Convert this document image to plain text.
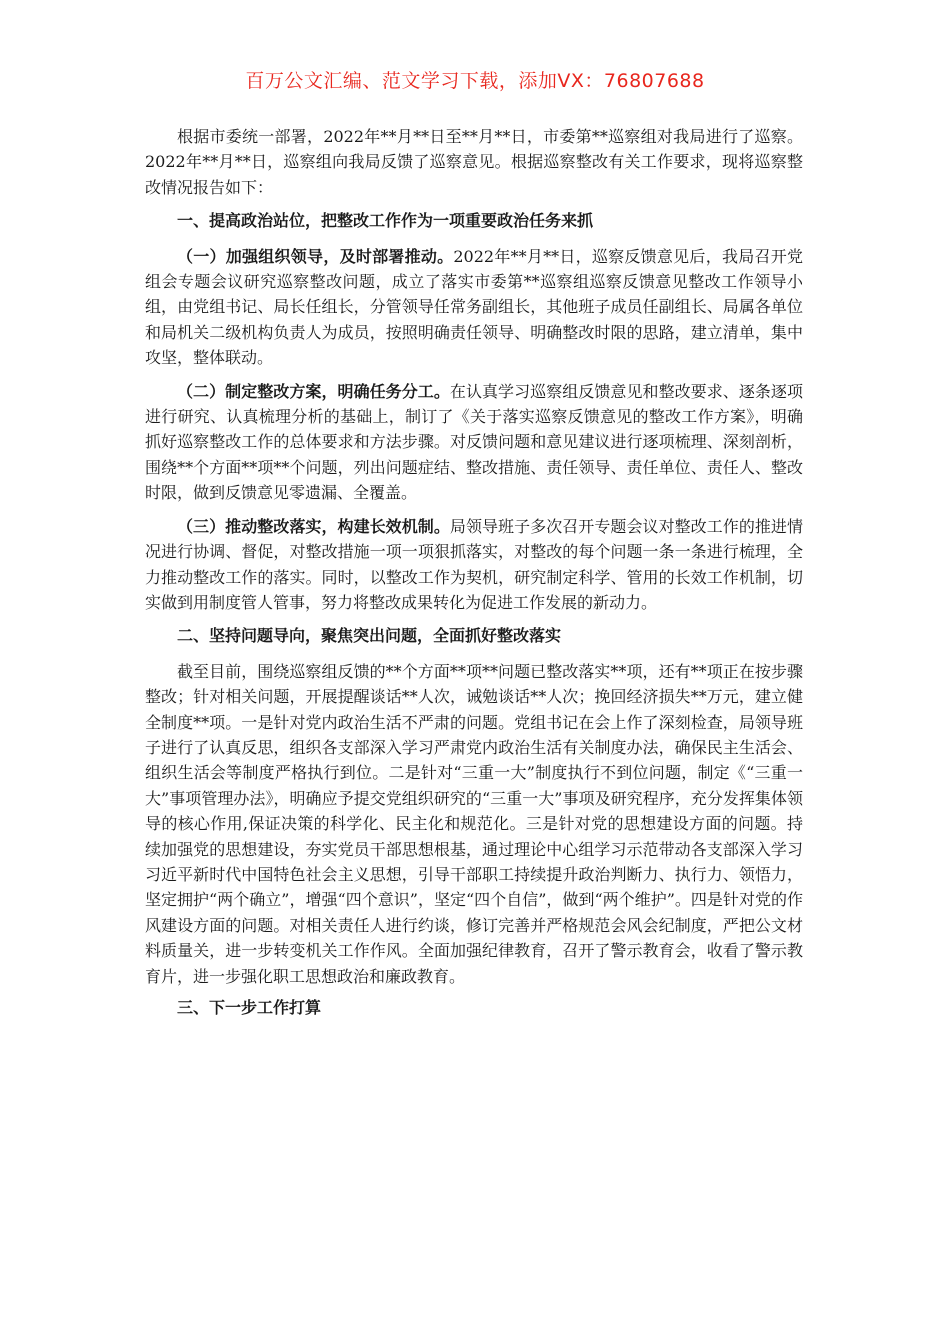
百万公文汇编、范文学习下载，添加VX：76807688

根据市委统一部署，2022年**月**日至**月**日，市委第**巡察组对我局进行了巡察。2022年**月**日，巡察组向我局反馈了巡察意见。根据巡察整改有关工作要求，现将巡察整改情况报告如下：

一、提高政治站位，把整改工作作为一项重要政治任务来抓

（一）加强组织领导，及时部署推动。2022年**月**日，巡察反馈意见后，我局召开党组会专题会议研究巡察整改问题，成立了落实市委第**巡察组巡察反馈意见整改工作领导小组，由党组书记、局长任组长，分管领导任常务副组长，其他班子成员任副组长、局属各单位和局机关二级机构负责人为成员，按照明确责任领导、明确整改时限的思路，建立清单，集中攻坚，整体联动。

（二）制定整改方案，明确任务分工。在认真学习巡察组反馈意见和整改要求、逐条逐项进行研究、认真梳理分析的基础上，制订了《关于落实巡察反馈意见的整改工作方案》，明确抓好巡察整改工作的总体要求和方法步骤。对反馈问题和意见建议进行逐项梳理、深刻剖析，围绕**个方面**项**个问题，列出问题症结、整改措施、责任领导、责任单位、责任人、整改时限，做到反馈意见零遗漏、全覆盖。

（三）推动整改落实，构建长效机制。局领导班子多次召开专题会议对整改工作的推进情况进行协调、督促，对整改措施一项一项狠抓落实，对整改的每个问题一条一条进行梳理，全力推动整改工作的落实。同时，以整改工作为契机，研究制定科学、管用的长效工作机制，切实做到用制度管人管事，努力将整改成果转化为促进工作发展的新动力。

二、坚持问题导向，聚焦突出问题，全面抓好整改落实

截至目前，围绕巡察组反馈的**个方面**项**问题已整改落实**项，还有**项正在按步骤整改；针对相关问题，开展提醒谈话**人次，诫勉谈话**人次；挽回经济损失**万元，建立健全制度**项。一是针对党内政治生活不严肃的问题。党组书记在会上作了深刻检查，局领导班子进行了认真反思，组织各支部深入学习严肃党内政治生活有关制度办法，确保民主生活会、组织生活会等制度严格执行到位。二是针对“三重一大”制度执行不到位问题，制定《“三重一大”事项管理办法》，明确应予提交党组织研究的“三重一大”事项及研究程序，充分发挥集体领导的核心作用,保证决策的科学化、民主化和规范化。三是针对党的思想建设方面的问题。持续加强党的思想建设，夯实党员干部思想根基，通过理论中心组学习示范带动各支部深入学习习近平新时代中国特色社会主义思想，引导干部职工持续提升政治判断力、执行力、领悟力，坚定拥护“两个确立”，增强“四个意识”，坚定“四个自信”，做到“两个维护”。四是针对党的作风建设方面的问题。对相关责任人进行约谈，修订完善并严格规范会风会纪制度，严把公文材料质量关，进一步转变机关工作作风。全面加强纪律教育，召开了警示教育会，收看了警示教育片，进一步强化职工思想政治和廉政教育。

三、下一步工作打算
